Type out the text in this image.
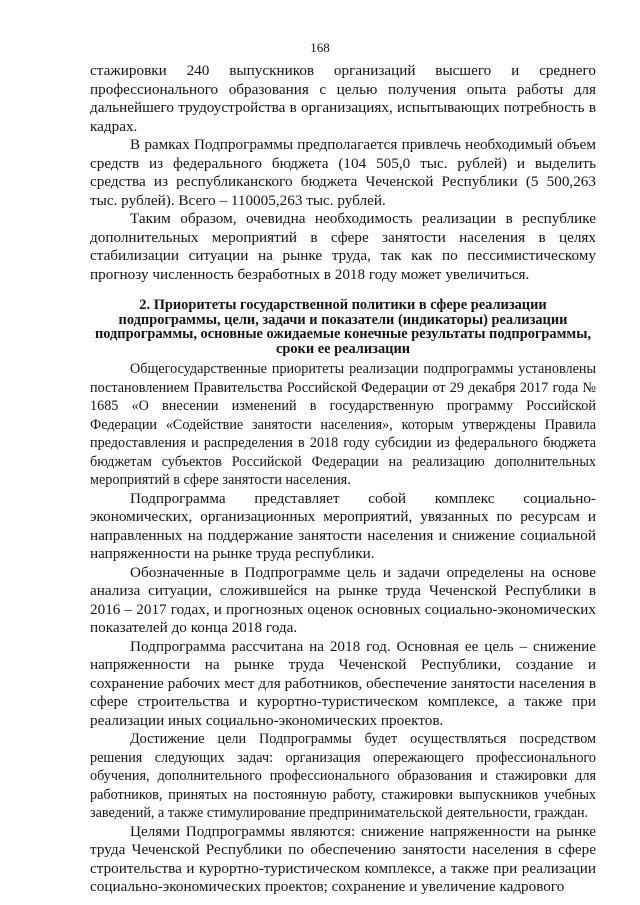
168

стажировки 240 выпускников организаций высшего и среднего профессионального образования с целью получения опыта работы для дальнейшего трудоустройства в организациях, испытывающих потребность в кадрах.

В рамках Подпрограммы предполагается привлечь необходимый объем средств из федерального бюджета (104 505,0 тыс. рублей) и выделить средства из республиканского бюджета Чеченской Республики (5 500,263 тыс. рублей). Всего – 110005,263 тыс. рублей.

Таким образом, очевидна необходимость реализации в республике дополнительных мероприятий в сфере занятости населения в целях стабилизации ситуации на рынке труда, так как по пессимистическому прогнозу численность безработных в 2018 году может увеличиться.

2. Приоритеты государственной политики в сфере реализации подпрограммы, цели, задачи и показатели (индикаторы) реализации подпрограммы, основные ожидаемые конечные результаты подпрограммы, сроки ее реализации

Общегосударственные приоритеты реализации подпрограммы установлены постановлением Правительства Российской Федерации от 29 декабря 2017 года № 1685 «О внесении изменений в государственную программу Российской Федерации «Содействие занятости населения», которым утверждены Правила предоставления и распределения в 2018 году субсидии из федерального бюджета бюджетам субъектов Российской Федерации на реализацию дополнительных мероприятий в сфере занятости населения.

Подпрограмма представляет собой комплекс социально-экономических, организационных мероприятий, увязанных по ресурсам и направленных на поддержание занятости населения и снижение социальной напряженности на рынке труда республики.

Обозначенные в Подпрограмме цель и задачи определены на основе анализа ситуации, сложившейся на рынке труда Чеченской Республики в 2016 – 2017 годах, и прогнозных оценок основных социально-экономических показателей до конца 2018 года.

Подпрограмма рассчитана на 2018 год. Основная ее цель – снижение напряженности на рынке труда Чеченской Республики, создание и сохранение рабочих мест для работников, обеспечение занятости населения в сфере строительства и курортно-туристическом комплексе, а также при реализации иных социально-экономических проектов.

Достижение цели Подпрограммы будет осуществляться посредством решения следующих задач: организация опережающего профессионального обучения, дополнительного профессионального образования и стажировки для работников, принятых на постоянную работу, стажировки выпускников учебных заведений, а также стимулирование предпринимательской деятельности, граждан.

Целями Подпрограммы являются: снижение напряженности на рынке труда Чеченской Республики по обеспечению занятости населения в сфере строительства и курортно-туристическом комплексе, а также при реализации социально-экономических проектов; сохранение и увеличение кадрового
